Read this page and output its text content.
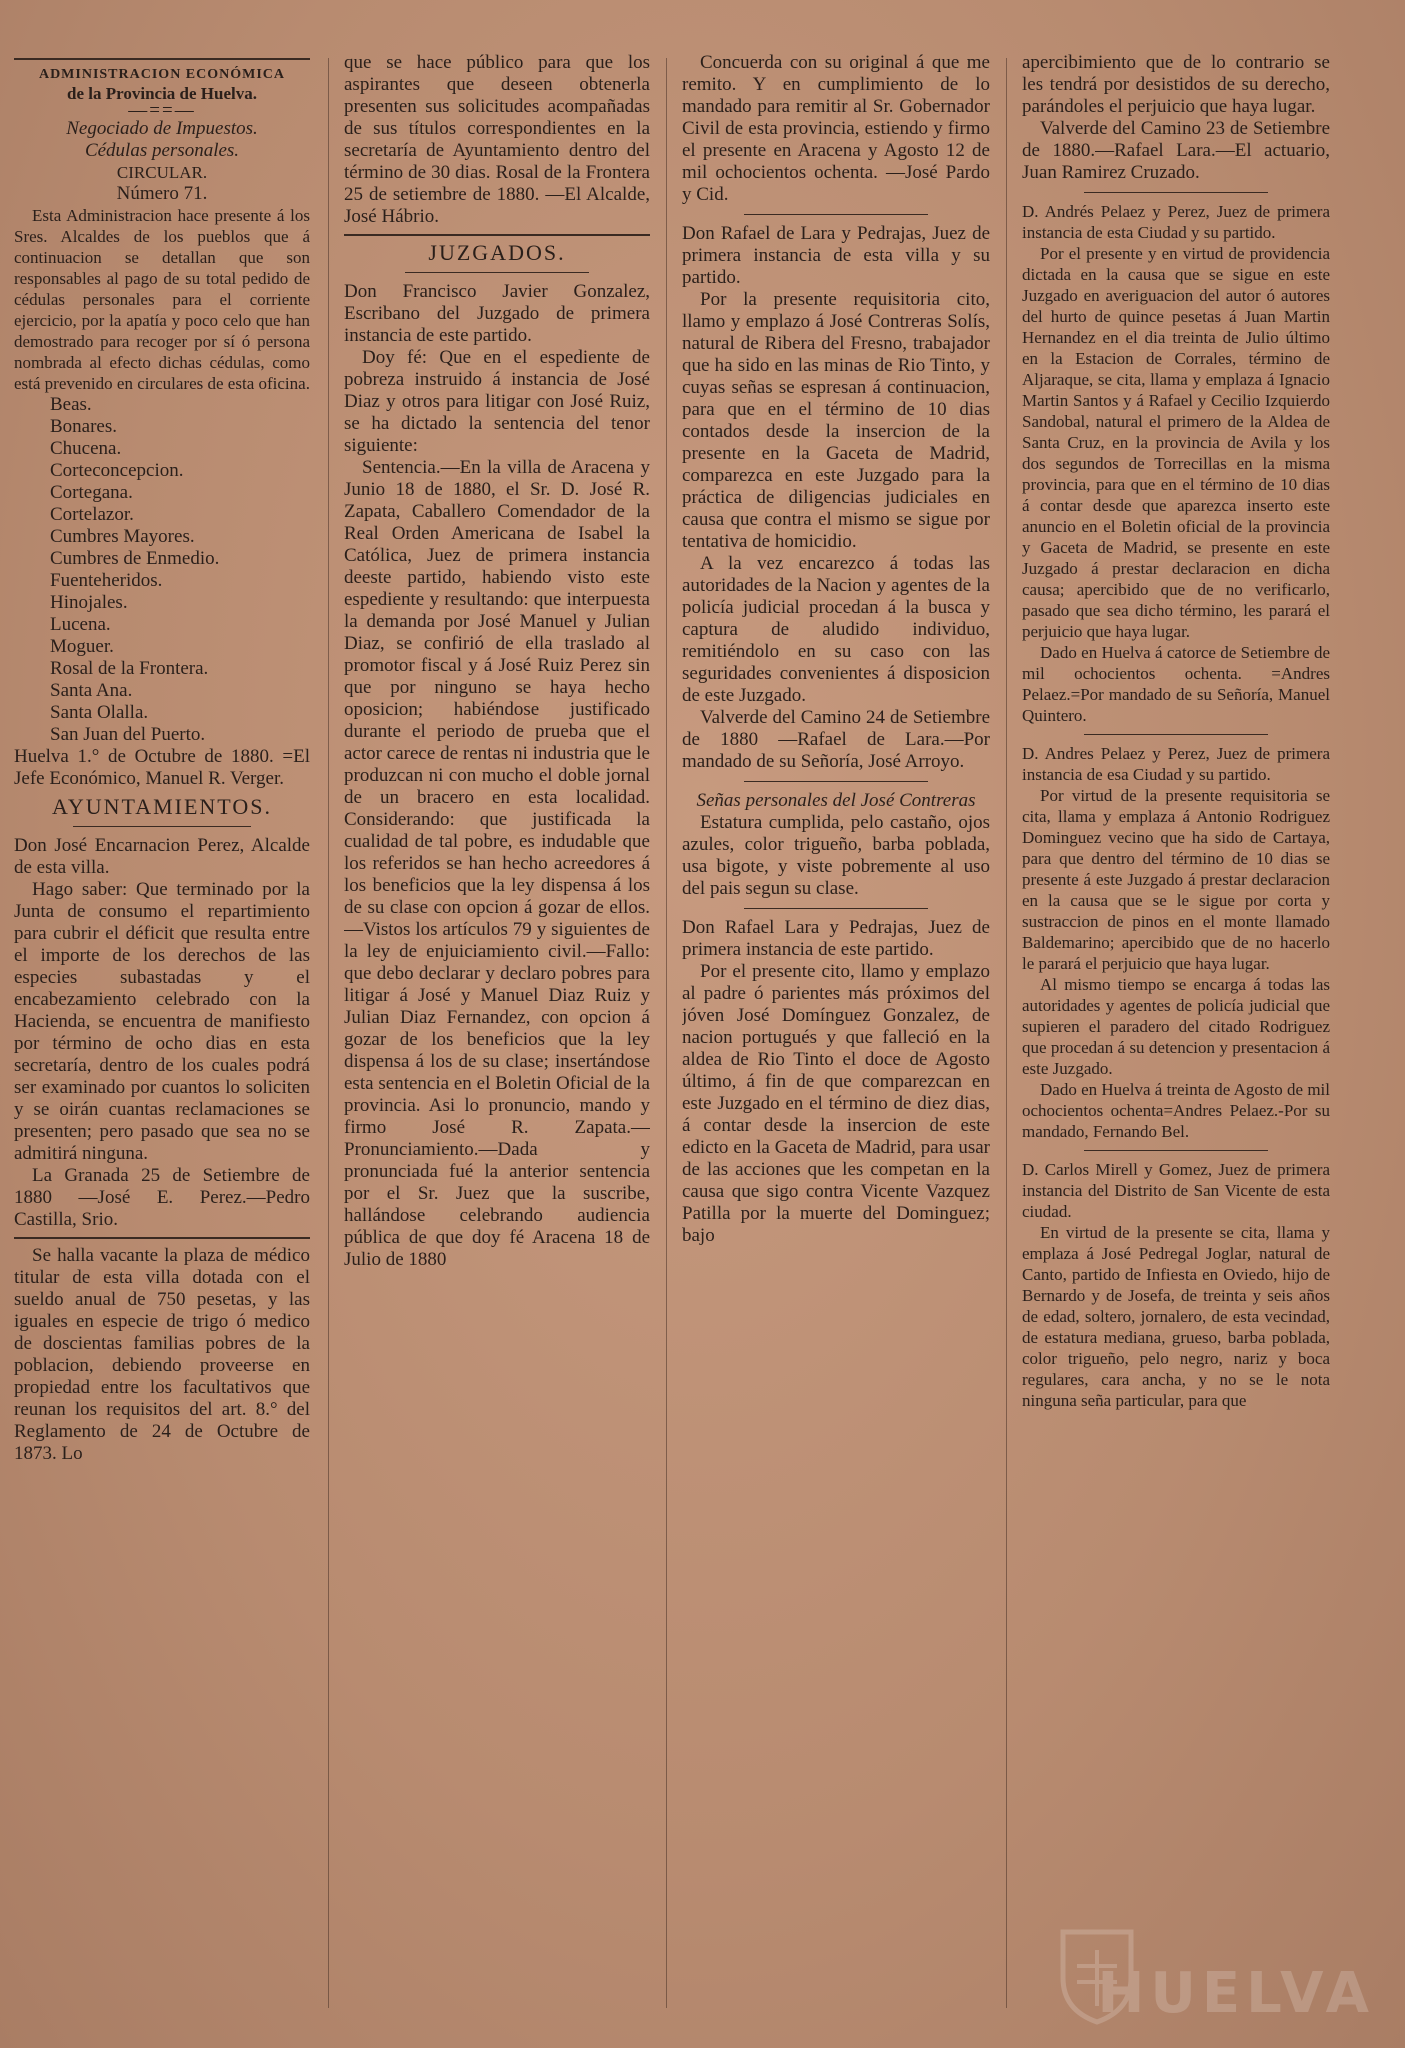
ADMINISTRACION ECONÓMICA
de la Provincia de Huelva.
—==—

Negociado de Impuestos.

Cédulas personales.

CIRCULAR.

Número 71.

Esta Administracion hace presente á los Sres. Alcaldes de los pueblos que á continuacion se detallan que son responsables al pago de su total pedido de cédulas personales para el corriente ejercicio, por la apatía y poco celo que han demostrado para recoger por sí ó persona nombrada al efecto dichas cédulas, como está prevenido en circulares de esta oficina.

Beas.
Bonares.
Chucena.
Corteconcepcion.
Cortegana.
Cortelazor.
Cumbres Mayores.
Cumbres de Enmedio.
Fuenteheridos.
Hinojales.
Lucena.
Moguer.
Rosal de la Frontera.
Santa Ana.
Santa Olalla.
San Juan del Puerto.

Huelva 1.° de Octubre de 1880. =El Jefe Económico, Manuel R. Verger.

AYUNTAMIENTOS.

Don José Encarnacion Perez, Alcalde de esta villa.

Hago saber: Que terminado por la Junta de consumo el repartimiento para cubrir el déficit que resulta entre el importe de los derechos de las especies subastadas y el encabezamiento celebrado con la Hacienda, se encuentra de manifiesto por término de ocho dias en esta secretaría, dentro de los cuales podrá ser examinado por cuantos lo soliciten y se oirán cuantas reclamaciones se presenten; pero pasado que sea no se admitirá ninguna.

La Granada 25 de Setiembre de 1880 —José E. Perez.—Pedro Castilla, Srio.

Se halla vacante la plaza de médico titular de esta villa dotada con el sueldo anual de 750 pesetas, y las iguales en especie de trigo ó medico de doscientas familias pobres de la poblacion, debiendo proveerse en propiedad entre los facultativos que reunan los requisitos del art. 8.° del Reglamento de 24 de Octubre de 1873. Lo

que se hace público para que los aspirantes que deseen obtenerla presenten sus solicitudes acompañadas de sus títulos correspondientes en la secretaría de Ayuntamiento dentro del término de 30 dias. Rosal de la Frontera 25 de setiembre de 1880. —El Alcalde, José Hábrio.

JUZGADOS.

Don Francisco Javier Gonzalez, Escribano del Juzgado de primera instancia de este partido.

Doy fé: Que en el espediente de pobreza instruido á instancia de José Diaz y otros para litigar con José Ruiz, se ha dictado la sentencia del tenor siguiente:

Sentencia.—En la villa de Aracena y Junio 18 de 1880, el Sr. D. José R. Zapata, Caballero Comendador de la Real Orden Americana de Isabel la Católica, Juez de primera instancia deeste partido, habiendo visto este espediente y resultando: que interpuesta la demanda por José Manuel y Julian Diaz, se confirió de ella traslado al promotor fiscal y á José Ruiz Perez sin que por ninguno se haya hecho oposicion; habiéndose justificado durante el periodo de prueba que el actor carece de rentas ni industria que le produzcan ni con mucho el doble jornal de un bracero en esta localidad. Considerando: que justificada la cualidad de tal pobre, es indudable que los referidos se han hecho acreedores á los beneficios que la ley dispensa á los de su clase con opcion á gozar de ellos.—Vistos los artículos 79 y siguientes de la ley de enjuiciamiento civil.—Fallo: que debo declarar y declaro pobres para litigar á José y Manuel Diaz Ruiz y Julian Diaz Fernandez, con opcion á gozar de los beneficios que la ley dispensa á los de su clase; insertándose esta sentencia en el Boletin Oficial de la provincia. Asi lo pronuncio, mando y firmo José R. Zapata.—Pronunciamiento.—Dada y pronunciada fué la anterior sentencia por el Sr. Juez que la suscribe, hallándose celebrando audiencia pública de que doy fé Aracena 18 de Julio de 1880

Concuerda con su original á que me remito. Y en cumplimiento de lo mandado para remitir al Sr. Gobernador Civil de esta provincia, estiendo y firmo el presente en Aracena y Agosto 12 de mil ochocientos ochenta. —José Pardo y Cid.

Don Rafael de Lara y Pedrajas, Juez de primera instancia de esta villa y su partido.

Por la presente requisitoria cito, llamo y emplazo á José Contreras Solís, natural de Ribera del Fresno, trabajador que ha sido en las minas de Rio Tinto, y cuyas señas se espresan á continuacion, para que en el término de 10 dias contados desde la insercion de la presente en la Gaceta de Madrid, comparezca en este Juzgado para la práctica de diligencias judiciales en causa que contra el mismo se sigue por tentativa de homicidio.

A la vez encarezco á todas las autoridades de la Nacion y agentes de la policía judicial procedan á la busca y captura de aludido individuo, remitiéndolo en su caso con las seguridades convenientes á disposicion de este Juzgado.

Valverde del Camino 24 de Setiembre de 1880 —Rafael de Lara.—Por mandado de su Señoría, José Arroyo.

Señas personales del José Contreras

Estatura cumplida, pelo castaño, ojos azules, color trigueño, barba poblada, usa bigote, y viste pobremente al uso del pais segun su clase.

Don Rafael Lara y Pedrajas, Juez de primera instancia de este partido.

Por el presente cito, llamo y emplazo al padre ó parientes más próximos del jóven José Domínguez Gonzalez, de nacion portugués y que falleció en la aldea de Rio Tinto el doce de Agosto último, á fin de que comparezcan en este Juzgado en el término de diez dias, á contar desde la insercion de este edicto en la Gaceta de Madrid, para usar de las acciones que les competan en la causa que sigo contra Vicente Vazquez Patilla por la muerte del Dominguez; bajo

apercibimiento que de lo contrario se les tendrá por desistidos de su derecho, parándoles el perjuicio que haya lugar.

Valverde del Camino 23 de Setiembre de 1880.—Rafael Lara.—El actuario, Juan Ramirez Cruzado.

D. Andrés Pelaez y Perez, Juez de primera instancia de esta Ciudad y su partido.

Por el presente y en virtud de providencia dictada en la causa que se sigue en este Juzgado en averiguacion del autor ó autores del hurto de quince pesetas á Juan Martin Hernandez en el dia treinta de Julio último en la Estacion de Corrales, término de Aljaraque, se cita, llama y emplaza á Ignacio Martin Santos y á Rafael y Cecilio Izquierdo Sandobal, natural el primero de la Aldea de Santa Cruz, en la provincia de Avila y los dos segundos de Torrecillas en la misma provincia, para que en el término de 10 dias á contar desde que aparezca inserto este anuncio en el Boletin oficial de la provincia y Gaceta de Madrid, se presente en este Juzgado á prestar declaracion en dicha causa; apercibido que de no verificarlo, pasado que sea dicho término, les parará el perjuicio que haya lugar.

Dado en Huelva á catorce de Setiembre de mil ochocientos ochenta. =Andres Pelaez.=Por mandado de su Señoría, Manuel Quintero.

D. Andres Pelaez y Perez, Juez de primera instancia de esa Ciudad y su partido.

Por virtud de la presente requisitoria se cita, llama y emplaza á Antonio Rodriguez Dominguez vecino que ha sido de Cartaya, para que dentro del término de 10 dias se presente á este Juzgado á prestar declaracion en la causa que se le sigue por corta y sustraccion de pinos en el monte llamado Baldemarino; apercibido que de no hacerlo le parará el perjuicio que haya lugar.

Al mismo tiempo se encarga á todas las autoridades y agentes de policía judicial que supieren el paradero del citado Rodriguez que procedan á su detencion y presentacion á este Juzgado.

Dado en Huelva á treinta de Agosto de mil ochocientos ochenta=Andres Pelaez.-Por su mandado, Fernando Bel.

D. Carlos Mirell y Gomez, Juez de primera instancia del Distrito de San Vicente de esta ciudad.

En virtud de la presente se cita, llama y emplaza á José Pedregal Joglar, natural de Canto, partido de Infiesta en Oviedo, hijo de Bernardo y de Josefa, de treinta y seis años de edad, soltero, jornalero, de esta vecindad, de estatura mediana, grueso, barba poblada, color trigueño, pelo negro, nariz y boca regulares, cara ancha, y no se le nota ninguna seña particular, para que

HUELVA
